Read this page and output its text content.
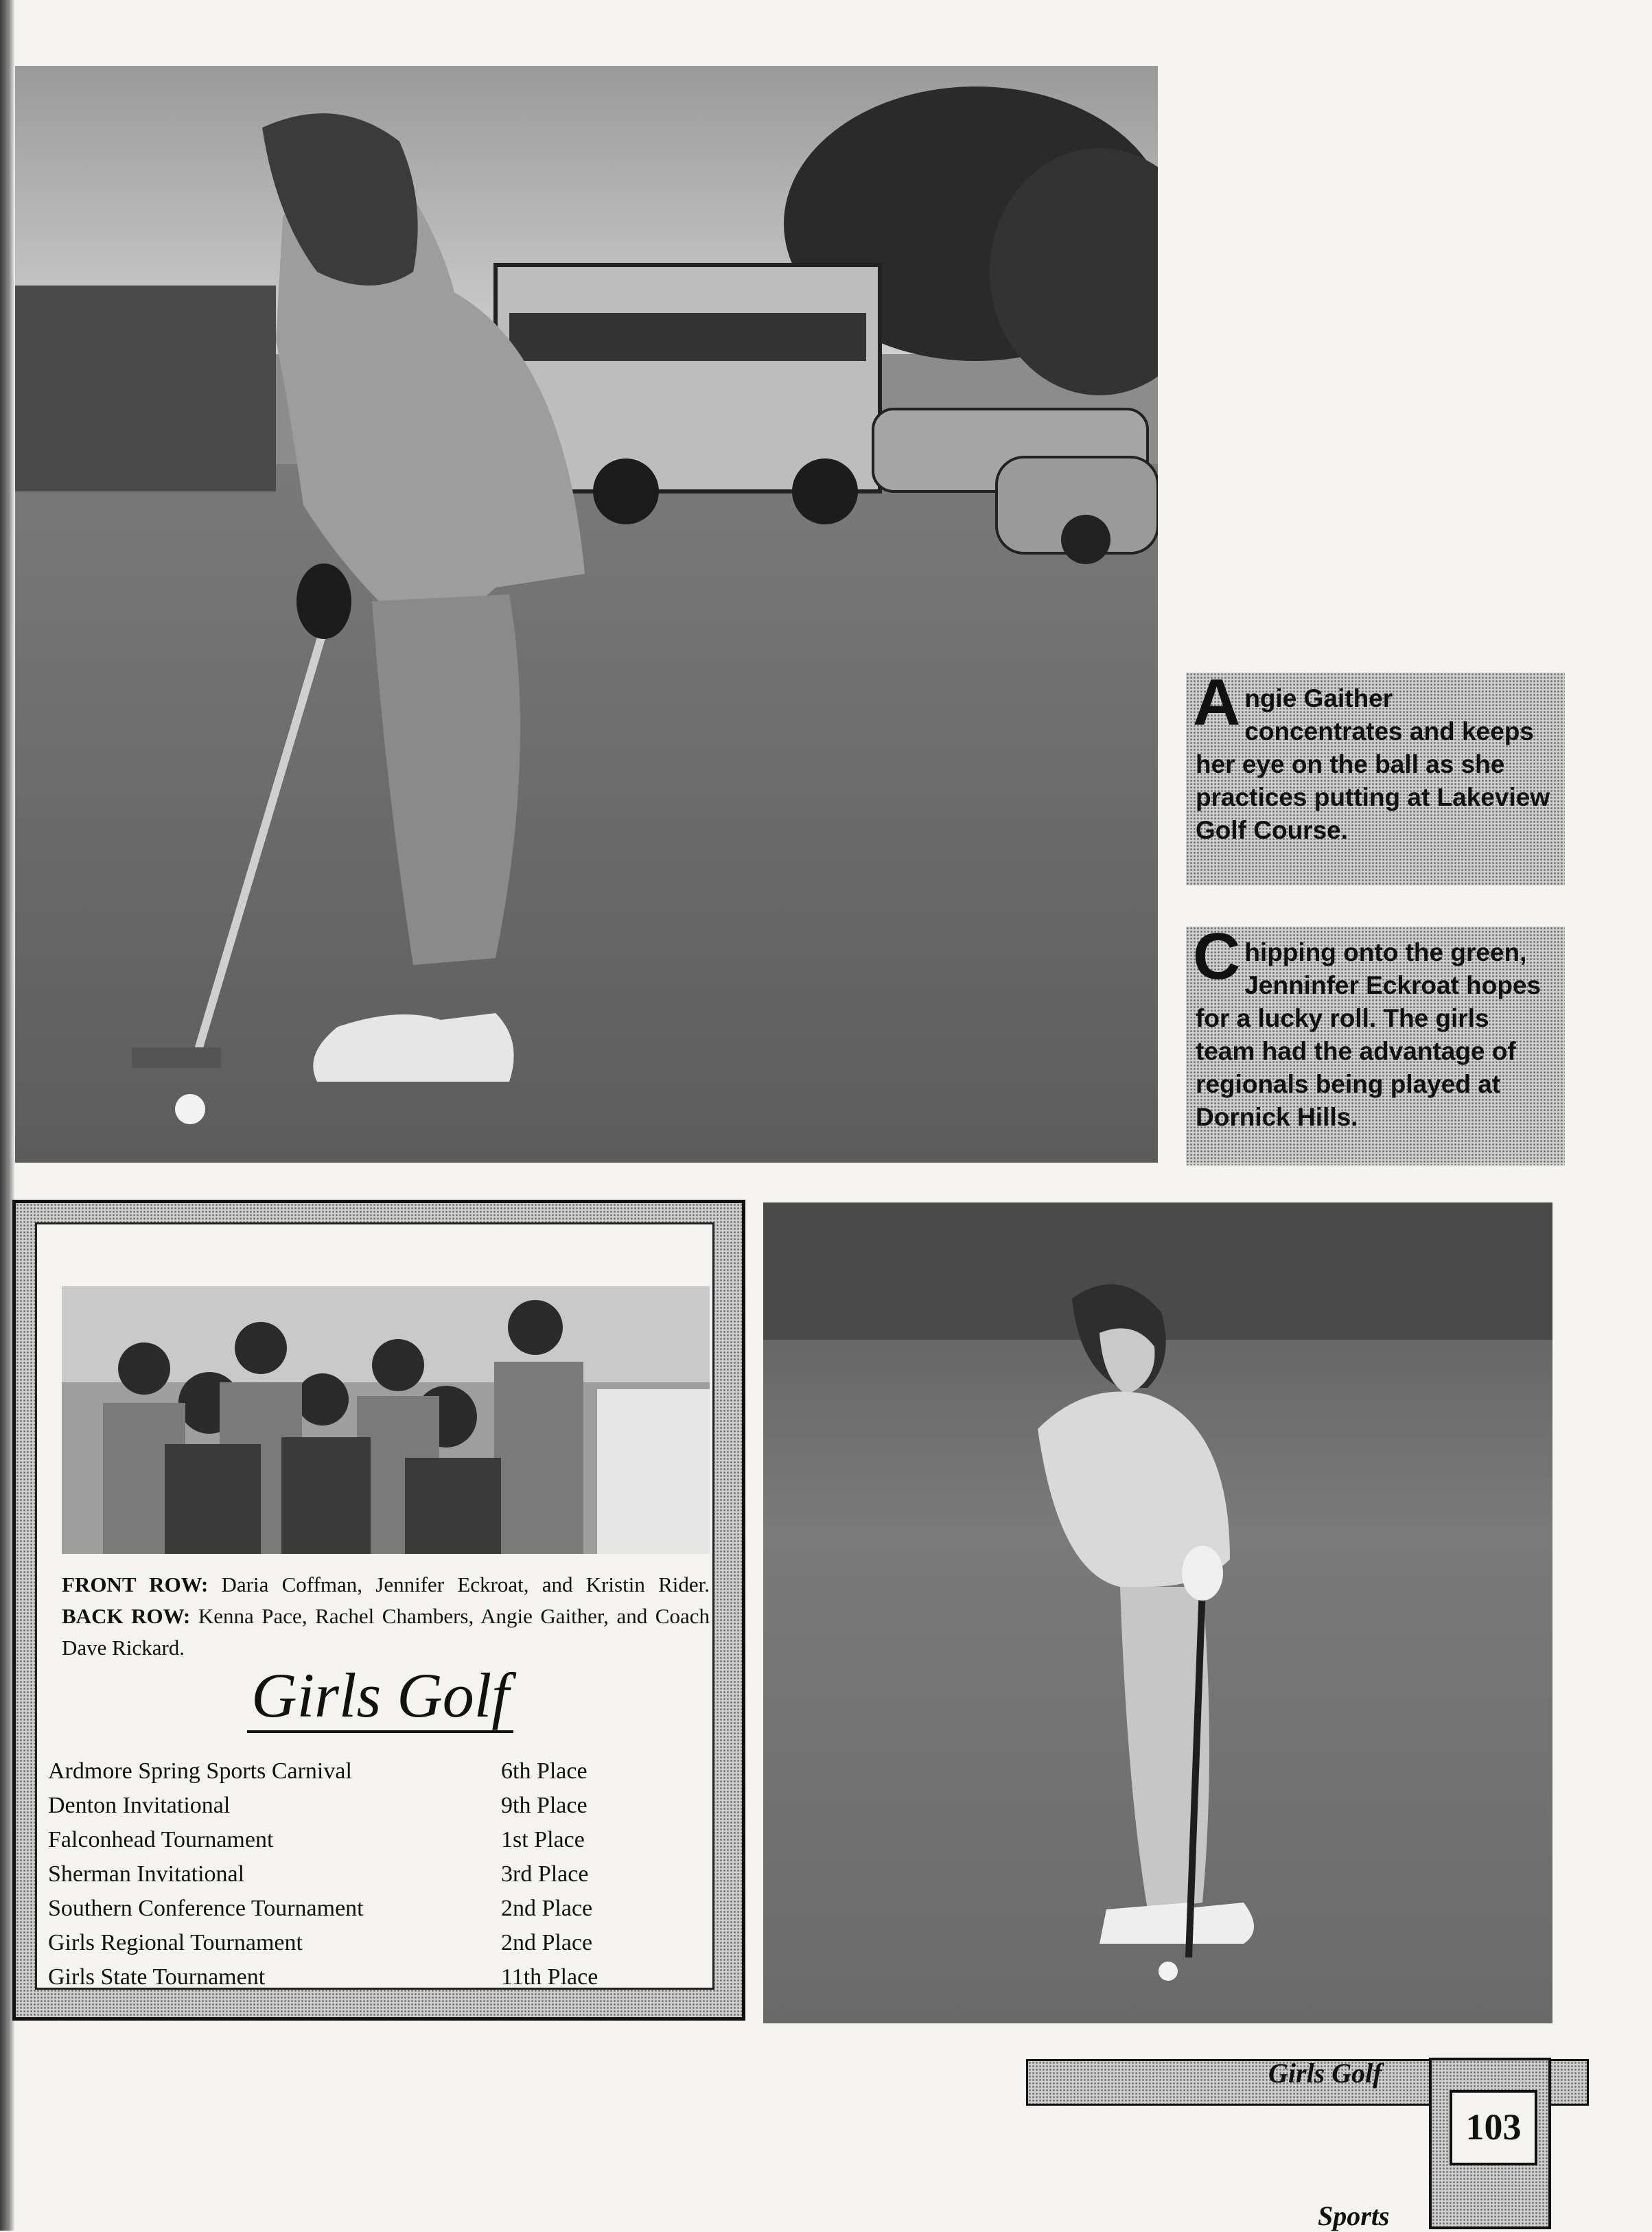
Angie Gaither concentrates and keeps her eye on the ball as she practices putting at Lakeview Golf Course.
Chipping onto the green, Jenninfer Eckroat hopes for a lucky roll. The girls team had the advantage of regionals being played at Dornick Hills.
FRONT ROW: Daria Coffman, Jennifer Eckroat, and Kristin Rider. BACK ROW: Kenna Pace, Rachel Chambers, Angie Gaither, and Coach Dave Rickard.
Girls Golf
Ardmore Spring Sports Carnival	6th Place
Denton Invitational	9th Place
Falconhead Tournament	1st Place
Sherman Invitational	3rd Place
Southern Conference Tournament	2nd Place
Girls Regional Tournament	2nd Place
Girls State Tournament	11th Place
103
Girls Golf
Sports
